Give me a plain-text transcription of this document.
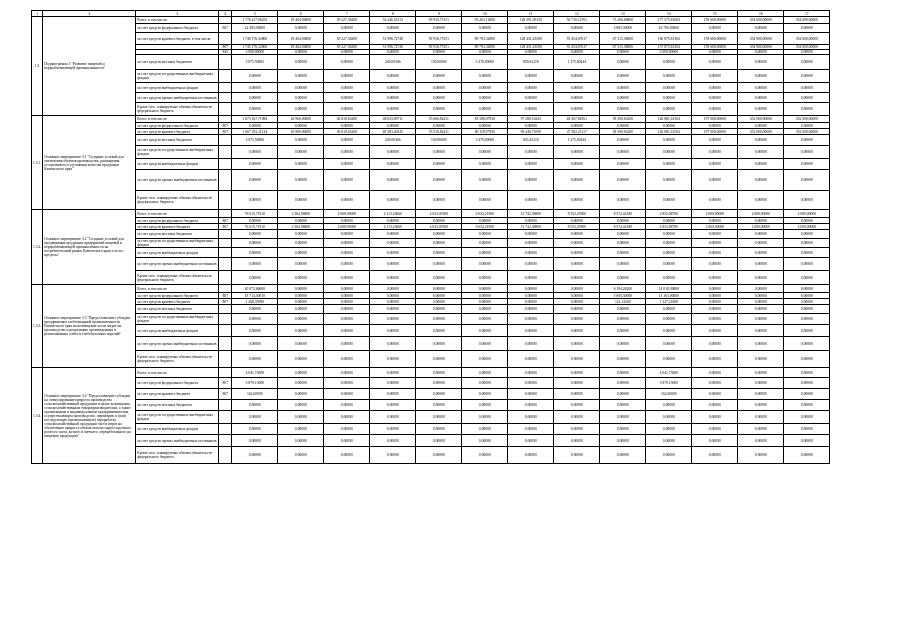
1	2	3	4	5	6	7	8	9	10	11	12	13	14	15	16	17
1.3.	Подпрограмма 3 "Развитие пищевой и перерабатывающей промышленности"	Всего, в том числе:		1 776 417,06432	29 464,56800	39 227,36200	52 246,52112	59 916,75151	93 263,12800	128 291,09135	56 730,12761	73 206,66800	177 575,81604	159 600,00000	354 000,00000	354 000,00000
		за счет средств федерального бюджета	807	22 383,03800	0,00000	0,00000	0,00000	0,00000	0,00000	0,00000	0,00000	5 883,30000	16 700,03800	0,00000	0,00000	0,00000
		за счет средств краевого бюджета, в том числе:		1 748 176,32800	29 464,56800	39 227,36200	51 996,72740	59 916,75151	89 793,32800	128 431,43500	55 454,67617	67 315,36800	160 875,81304	159 600,00000	354 000,00000	354 000,00000
			807	1 745 176,32800	29 464,56800	39 227,36200	51 996,72740	59 916,75151	89 793,32800	128 431,43500	55 454,67617	67 315,36800	157 875,81304	159 600,00000	354 000,00000	354 000,00000
			845	3 000,00000	0,00000	0,00000	0,00000	0,00000	0,00000	0,00000	0,00000	0,00000	3 000,00000	0,00000	0,00000	0,00000
		за счет средств местных бюджетов		5 875,50865	0,00000	0,00000	249,69366	150,00000	3 470,00000	859,65218	1 275,80444	0,00000	0,00000	0,00000	0,00000	0,00000
		за счет средств государственных внебюджетных фондов		0,00000	0,00000	0,00000	0,00000	0,00000	0,00000	0,00000	0,00000	0,00000	0,00000	0,00000	0,00000	0,00000
		за счет средств внебюджетных фондов		0,00000	0,00000	0,00000	0,00000	0,00000	0,00000	0,00000	0,00000	0,00000	0,00000	0,00000	0,00000	0,00000
		за счет средств прочих внебюджетных источников		0,00000	0,00000	0,00000	0,00000	0,00000	0,00000	0,00000	0,00000	0,00000	0,00000	0,00000	0,00000	0,00000
		Кроме того, планируемые объемы обязательств федерального бюджета		0,00000	0,00000	0,00000	0,00000	0,00000	0,00000	0,00000	0,00000	0,00000	0,00000	0,00000	0,00000	0,00000
1.3.1.	Основное мероприятие 3.1 "Создание условий для увеличения объемов производства, расширения ассортимента и улучшения качества продукции Камчатского края"	Всего, в том числе:		1 673 167,71984	26 900,00000	36 618,63200	48 633,09711	55 666,82411	83 588,07930	97 280,16343	48 267,82561	58 390,63200	126 881,61504	197 000,00000	352 000,00000	352 000,00000
		за счет средств федерального бюджета	807	0,00000	0,00000	0,00000	0,00000	0,00000	0,00000	0,00000	0,00000	0,00000	0,00000	0,00000	0,00000	0,00000
		за счет средств краевого бюджета	807	1 667 292,21124	26 900,00000	36 618,63200	48 383,40345	55 516,82411	80 118,07930	96 446,71090	47 382,21117	58 390,63200	126 881,61504	197 000,00000	352 000,00000	352 000,00000
		за счет средств местных бюджетов		5 875,50860	0,00000	0,00000	249,69366	150,00000	3 470,00000	833,45218	1 275,80444	0,00000	0,00000	0,00000	0,00000	0,00000
		за счет средств государственных внебюджетных фондов		0,00000	0,00000	0,00000	0,00000	0,00000	0,00000	0,00000	0,00000	0,00000	0,00000	0,00000	0,00000	0,00000
		за счет средств внебюджетных фондов		0,00000	0,00000	0,00000	0,00000	0,00000	0,00000	0,00000	0,00000	0,00000	0,00000	0,00000	0,00000	0,00000
		за счет средств прочих внебюджетных источников		0,00000	0,00000	0,00000	0,00000	0,00000	0,00000	0,00000	0,00000	0,00000	0,00000	0,00000	0,00000	0,00000
		Кроме того, планируемые объемы обязательств федерального бюджета		0,00000	0,00000	0,00000	0,00000	0,00000	0,00000	0,00000	0,00000	0,00000	0,00000	0,00000	0,00000	0,00000
1.3.2.	Основное мероприятие 3.2 "Создание условий для продвижения продукции предприятий пищевой и перерабатывающей промышленности на потребительский рынок Камчатского края и за его пределы"	Всего, в том числе:		76 615,71910	2 564,56800	2 608,93000	4 113,23660	4 023,05300	6 052,21900	31 742,36900	8 552,25900	8 574,44180	2 852,08700	2 000,00000	2 000,00000	2 000,00000
		за счет средств федерального бюджета	807	0,00000	0,00000	0,00000	0,00000	0,00000	0,00000	0,00000	0,00000	0,00000	0,00000	0,00000	0,00000	0,00000
		за счет средств краевого бюджета	807	76 615,71910	2 564,56800	2 608,93000	4 113,23660	4 023,05300	6 052,21900	31 742,36900	8 552,25900	8 574,44180	2 852,08700	2 000,00000	2 000,00000	2 000,00000
		за счет средств местных бюджетов		0,00000	0,00000	0,00000	0,00000	0,00000	0,00000	0,00000	0,00000	0,00000	0,00000	0,00000	0,00000	0,00000
		за счет средств государственных внебюджетных фондов		0,00000	0,00000	0,00000	0,00000	0,00000	0,00000	0,00000	0,00000	0,00000	0,00000	0,00000	0,00000	0,00000
		за счет средств внебюджетных фондов		0,00000	0,00000	0,00000	0,00000	0,00000	0,00000	0,00000	0,00000	0,00000	0,00000	0,00000	0,00000	0,00000
		за счет средств прочих внебюджетных источников		0,00000	0,00000	0,00000	0,00000	0,00000	0,00000	0,00000	0,00000	0,00000	0,00000	0,00000	0,00000	0,00000
		Кроме того, планируемые объемы обязательств федерального бюджета		0,00000	0,00000	0,00000	0,00000	0,00000	0,00000	0,00000	0,00000	0,00000	0,00000	0,00000	0,00000	0,00000
1.3.3.	Основное мероприятие 3.3 "Предоставление субсидии предприятиям хлебопекарной промышленности Камчатского края на возмещение части затрат на производство и реализацию произведенных и реализованных хлеба и хлебобулочных изделий"	Всего, в том числе:		20 072,66000	0,00000	0,00000	0,00000	0,00000	0,00000	0,00000	0,00000	6 194,26200	14 018,39800	0,00000	0,00000	0,00000
		за счет средств федерального бюджета	807	18 714,30010	0,00000	0,00000	0,00000	0,00000	0,00000	0,00000	0,00000	5 683,30000	13 163,00000	0,00000	0,00000	0,00000
		за счет средств краевого бюджета	807	1 268,35990	0,00000	0,00000	0,00000	0,00000	0,00000	0,00000	0,00000	141,14200	1 127,21800	0,00000	0,00000	0,00000
		за счет средств местных бюджетов		0,00000	0,00000	0,00000	0,00000	0,00000	0,00000	0,00000	0,00000	0,00000	0,00000	0,00000	0,00000	0,00000
		за счет средств государственных внебюджетных фондов		0,00000	0,00000	0,00000	0,00000	0,00000	0,00000	0,00000	0,00000	0,00000	0,00000	0,00000	0,00000	0,00000
		за счет средств внебюджетных фондов		0,00000	0,00000	0,00000	0,00000	0,00000	0,00000	0,00000	0,00000	0,00000	0,00000	0,00000	0,00000	0,00000
		за счет средств прочих внебюджетных источников		0,00000	0,00000	0,00000	0,00000	0,00000	0,00000	0,00000	0,00000	0,00000	0,00000	0,00000	0,00000	0,00000
		Кроме того, планируемые объемы обязательств федерального бюджета		0,00000	0,00000	0,00000	0,00000	0,00000	0,00000	0,00000	0,00000	0,00000	0,00000	0,00000	0,00000	0,00000
1.3.4.	Основное мероприятие 3.4 "Предоставление субсидии на стимулирование прироста производства сельскохозяйственной продукции в целях возмещения сельскохозяйственным товаропроизводителям, а также организациям и индивидуальным предпринимателям, осуществляющим производство, первичную и (или) последующую (промышленную) переработку сельскохозяйственной продукции части затрат на обеспечение прироста объема молока сырого крупного рогатого скота, козьего и овечьего, переработанного на пищевую продукцию"	Всего, в том числе:		4 041,73000	0,00000	0,00000	0,00000	0,00000	0,00000	0,00000	0,00000	0,00000	4 041,73000	0,00000	0,00000	0,00000
		за счет средств федерального бюджета	807	3 879,13000	0,00000	0,00000	0,00000	0,00000	0,00000	0,00000	0,00000	0,00000	3 879,13000	0,00000	0,00000	0,00000
		за счет средств краевого бюджета	807	162,60000	0,00000	0,00000	0,00000	0,00000	0,00000	0,00000	0,00000	0,00000	162,60000	0,00000	0,00000	0,00000
		за счет средств местных бюджетов		0,00000	0,00000	0,00000	0,00000	0,00000	0,00000	0,00000	0,00000	0,00000	0,00000	0,00000	0,00000	0,00000
		за счет средств государственных внебюджетных фондов		0,00000	0,00000	0,00000	0,00000	0,00000	0,00000	0,00000	0,00000	0,00000	0,00000	0,00000	0,00000	0,00000
		за счет средств внебюджетных фондов		0,00000	0,00000	0,00000	0,00000	0,00000	0,00000	0,00000	0,00000	0,00000	0,00000	0,00000	0,00000	0,00000
		за счет средств прочих внебюджетных источников		0,00000	0,00000	0,00000	0,00000	0,00000	0,00000	0,00000	0,00000	0,00000	0,00000	0,00000	0,00000	0,00000
		Кроме того, планируемые объемы обязательств федерального бюджета		0,00000	0,00000	0,00000	0,00000	0,00000	0,00000	0,00000	0,00000	0,00000	0,00000	0,00000	0,00000	0,00000
